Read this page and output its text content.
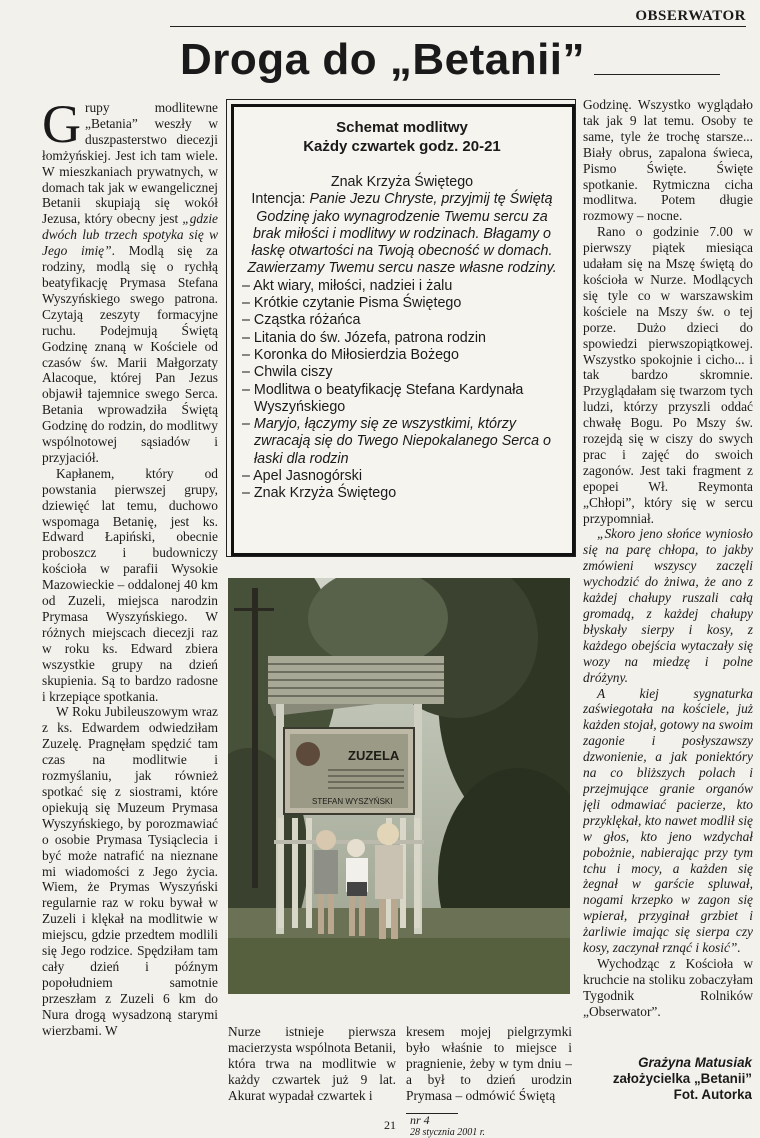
OBSERWATOR
Droga do „Betanii”

Grupy modlitewne „Betania” weszły w duszpasterstwo diecezji łomżyńskiej. Jest ich tam wiele. W mieszkaniach prywatnych, w domach tak jak w ewangelicznej Betanii skupiają się wokół Jezusa, który obecny jest „gdzie dwóch lub trzech spotyka się w Jego imię”. Modlą się za rodziny, modlą się o rychłą beatyfikację Prymasa Stefana Wyszyńskiego swego patrona. Czytają zeszyty formacyjne ruchu. Podejmują Świętą Godzinę znaną w Kościele od czasów św. Marii Małgorzaty Alacoque, której Pan Jezus objawił tajemnice swego Serca. Betania wprowadziła Świętą Godzinę do rodzin, do modlitwy wspólnotowej sąsiadów i przyjaciół.

Kapłanem, który od powstania pierwszej grupy, dziewięć lat temu, duchowo wspomaga Betanię, jest ks. Edward Łapiński, obecnie proboszcz i budowniczy kościoła w parafii Wysokie Mazowieckie – oddalonej 40 km od Zuzeli, miejsca narodzin Prymasa Wyszyńskiego. W różnych miejscach diecezji raz w roku ks. Edward zbiera wszystkie grupy na dzień skupienia. Są to bardzo radosne i krzepiące spotkania.

W Roku Jubileuszowym wraz z ks. Edwardem odwiedziłam Zuzelę. Pragnęłam spędzić tam czas na modlitwie i rozmyślaniu, jak również spotkać się z siostrami, które opiekują się Muzeum Prymasa Wyszyńskiego, by porozmawiać o osobie Prymasa Tysiąclecia i być może natrafić na nieznane mi wiadomości z Jego życia. Wiem, że Prymas Wyszyński regularnie raz w roku bywał w Zuzeli i klękał na modlitwie w miejscu, gdzie przedtem modlili się Jego rodzice. Spędziłam tam cały dzień i późnym popołudniem samotnie przeszłam z Zuzeli 6 km do Nura drogą wysadzoną starymi wierzbami. W

Schemat modlitwy
Każdy czwartek godz. 20-21
Znak Krzyża Świętego
Intencja: Panie Jezu Chryste, przyjmij tę Świętą Godzinę jako wynagrodzenie Twemu sercu za brak miłości i modlitwy w rodzinach. Błagamy o łaskę otwartości na Twoją obecność w domach. Zawierzamy Twemu sercu nasze własne rodziny.
– Akt wiary, miłości, nadziei i żalu
– Krótkie czytanie Pisma Świętego
– Cząstka różańca
– Litania do św. Józefa, patrona rodzin
– Koronka do Miłosierdzia Bożego
– Chwila ciszy
– Modlitwa o beatyfikację Stefana Kardynała Wyszyńskiego
– Maryjo, łączymy się ze wszystkimi, którzy zwracają się do Twego Niepokalanego Serca o łaski dla rodzin
– Apel Jasnogórski
– Znak Krzyża Świętego
ZUZELA
STEFAN WYSZYŃSKI

Nurze istnieje pierwsza macierzysta wspólnota Betanii, która trwa na modlitwie w każdy czwartek już 9 lat. Akurat wypadał czwartek i

kresem mojej pielgrzymki było właśnie to miejsce i pragnienie, żeby w tym dniu – a był to dzień urodzin Prymasa – odmówić Świętą

Godzinę. Wszystko wyglądało tak jak 9 lat temu. Osoby te same, tyle że trochę starsze... Biały obrus, zapalona świeca, Pismo Święte. Święte spotkanie. Rytmiczna cicha modlitwa. Potem długie rozmowy – nocne.

Rano o godzinie 7.00 w pierwszy piątek miesiąca udałam się na Mszę świętą do kościoła w Nurze. Modlących się tyle co w warszawskim kościele na Mszy św. o tej porze. Dużo dzieci do spowiedzi pierwszopiątkowej. Wszystko spokojnie i cicho... i tak bardzo skromnie. Przyglądałam się twarzom tych ludzi, którzy przyszli oddać chwałę Bogu. Po Mszy św. rozejdą się w ciszy do swych prac i zajęć do swoich zagonów. Jest taki fragment z epopei Wł. Reymonta „Chłopi”, który się w sercu przypomniał.

„Skoro jeno słońce wyniosło się na parę chłopa, to jakby zmówieni wszyscy zaczęli wychodzić do żniwa, że ano z każdej chałupy ruszali całą gromadą, z każdej chałupy błyskały sierpy i kosy, z każdego obejścia wytaczały się wozy na miedzę i polne dróżyny.

A kiej sygnaturka zaświegotała na kościele, już każden stojał, gotowy na swoim zagonie i posłyszawszy dzwonienie, a jak poniektóry na co bliższych polach i przejmujące granie organów jęli odmawiać pacierze, kto przyklękał, kto nawet modlił się w głos, kto jeno wzdychał pobożnie, nabierając przy tym tchu i mocy, a każden się żegnał w garście spluwał, nogami krzepko w zagon się wpierał, przyginał grzbiet i żarliwie imając się sierpa czy kosy, zaczynał rznąć i kosić”.

Wychodząc z Kościoła w kruchcie na stoliku zobaczyłam Tygodnik Rolników „Obserwator”.

Grażyna Matusiak
założycielka „Betanii”
Fot. Autorka
21 nr 4
28 stycznia 2001 r.
